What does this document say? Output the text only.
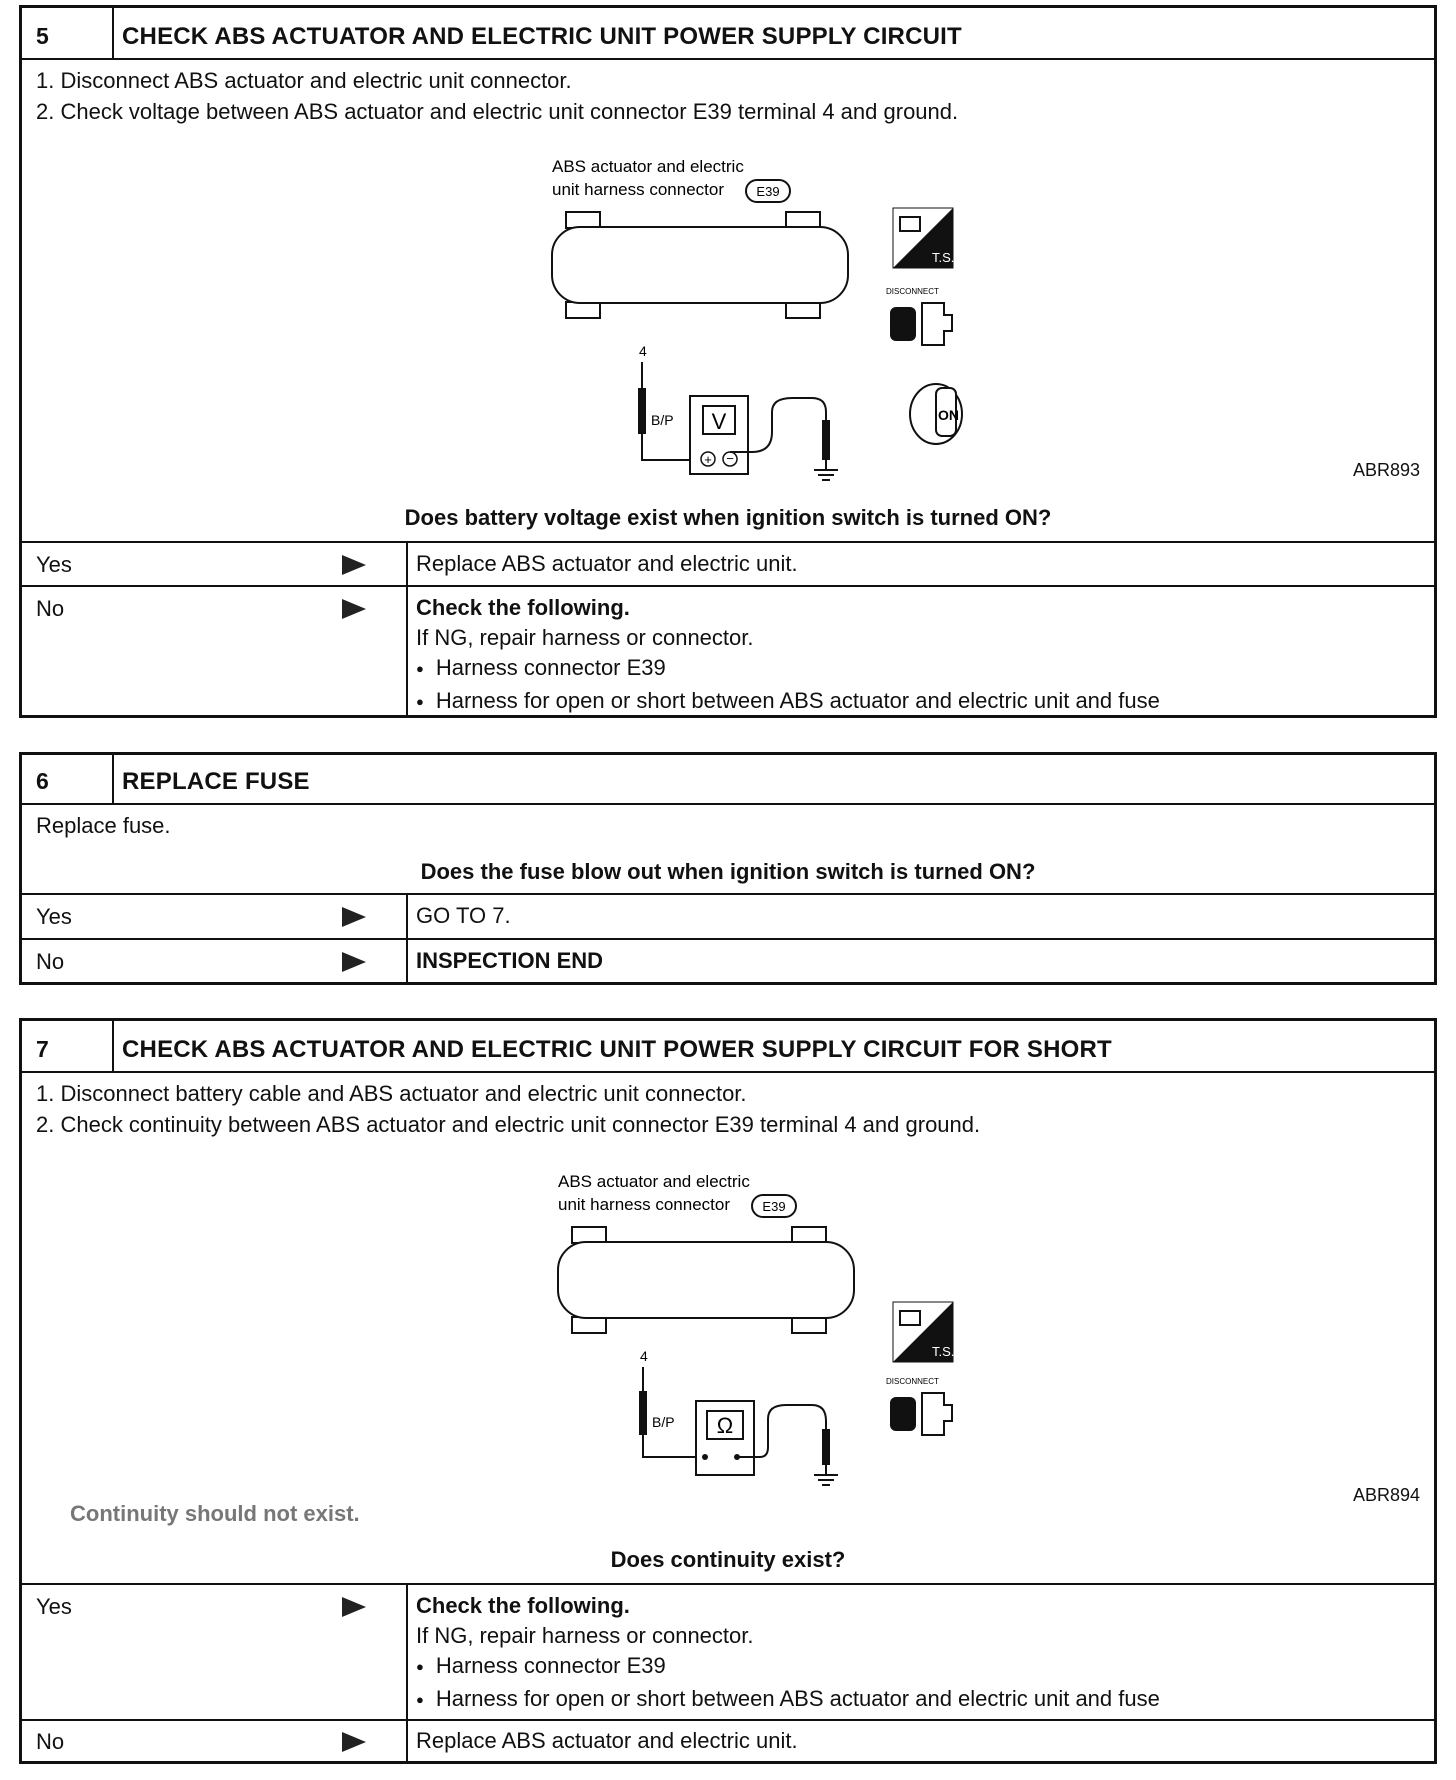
5	CHECK ABS ACTUATOR AND ELECTRIC UNIT POWER SUPPLY CIRCUIT
1. Disconnect ABS actuator and electric unit connector.
2. Check voltage between ABS actuator and electric unit connector E39 terminal 4 and ground.
ABS actuator and electric
unit harness connector E39
4
B/P V
+ −
T.S.
DISCONNECT
ON
ABR893
Does battery voltage exist when ignition switch is turned ON?
Yes	Replace ABS actuator and electric unit.
No	Check the following.
If NG, repair harness or connector.
● Harness connector E39
● Harness for open or short between ABS actuator and electric unit and fuse
6	REPLACE FUSE
Replace fuse.
Does the fuse blow out when ignition switch is turned ON?
Yes	GO TO 7.
No	INSPECTION END
7	CHECK ABS ACTUATOR AND ELECTRIC UNIT POWER SUPPLY CIRCUIT FOR SHORT
1. Disconnect battery cable and ABS actuator and electric unit connector.
2. Check continuity between ABS actuator and electric unit connector E39 terminal 4 and ground.
ABS actuator and electric
unit harness connector E39
4
B/P Ω
T.S.
DISCONNECT
ABR894
Continuity should not exist.
Does continuity exist?
Yes	Check the following.
If NG, repair harness or connector.
● Harness connector E39
● Harness for open or short between ABS actuator and electric unit and fuse
No	Replace ABS actuator and electric unit.
